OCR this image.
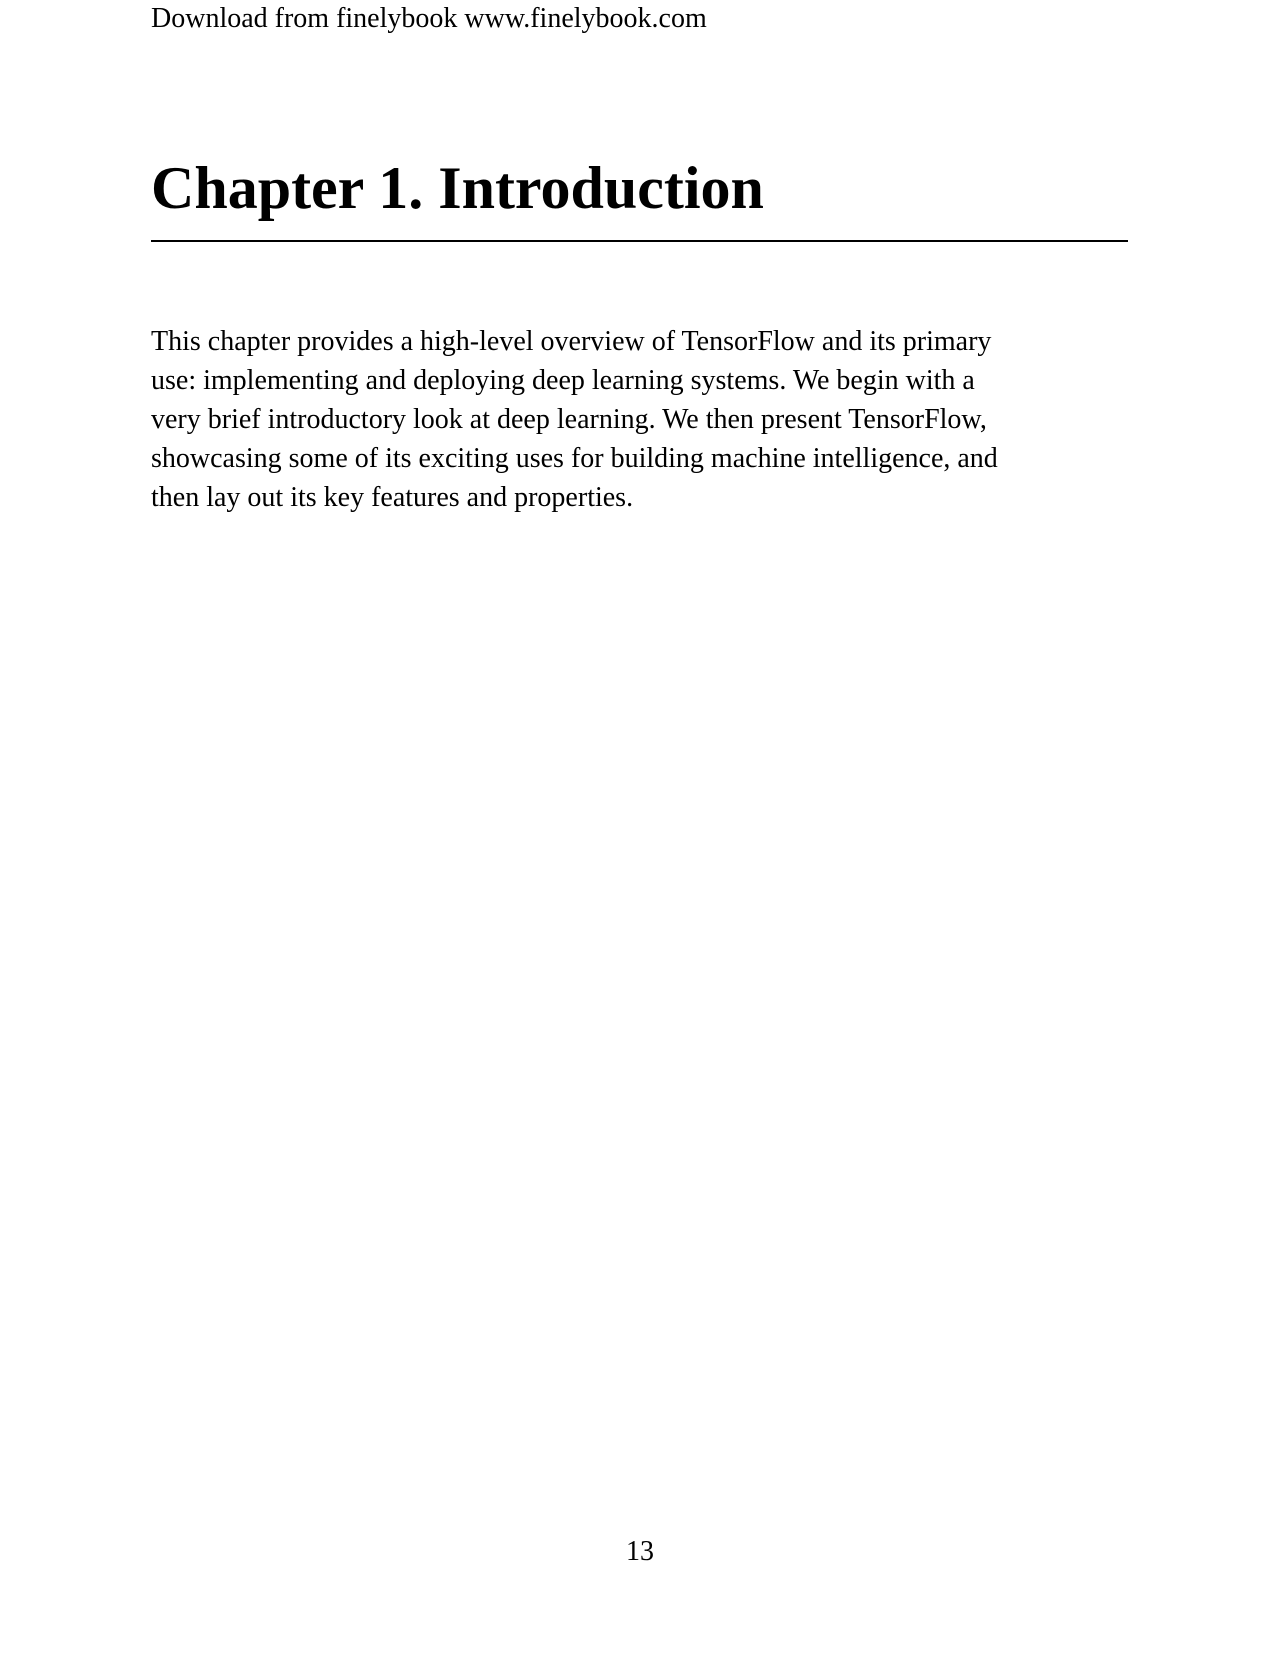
Download from finelybook www.finelybook.com
Chapter 1. Introduction

This chapter provides a high-level overview of TensorFlow and its primary
use: implementing and deploying deep learning systems. We begin with a
very brief introductory look at deep learning. We then present TensorFlow,
showcasing some of its exciting uses for building machine intelligence, and
then lay out its key features and properties.

13
